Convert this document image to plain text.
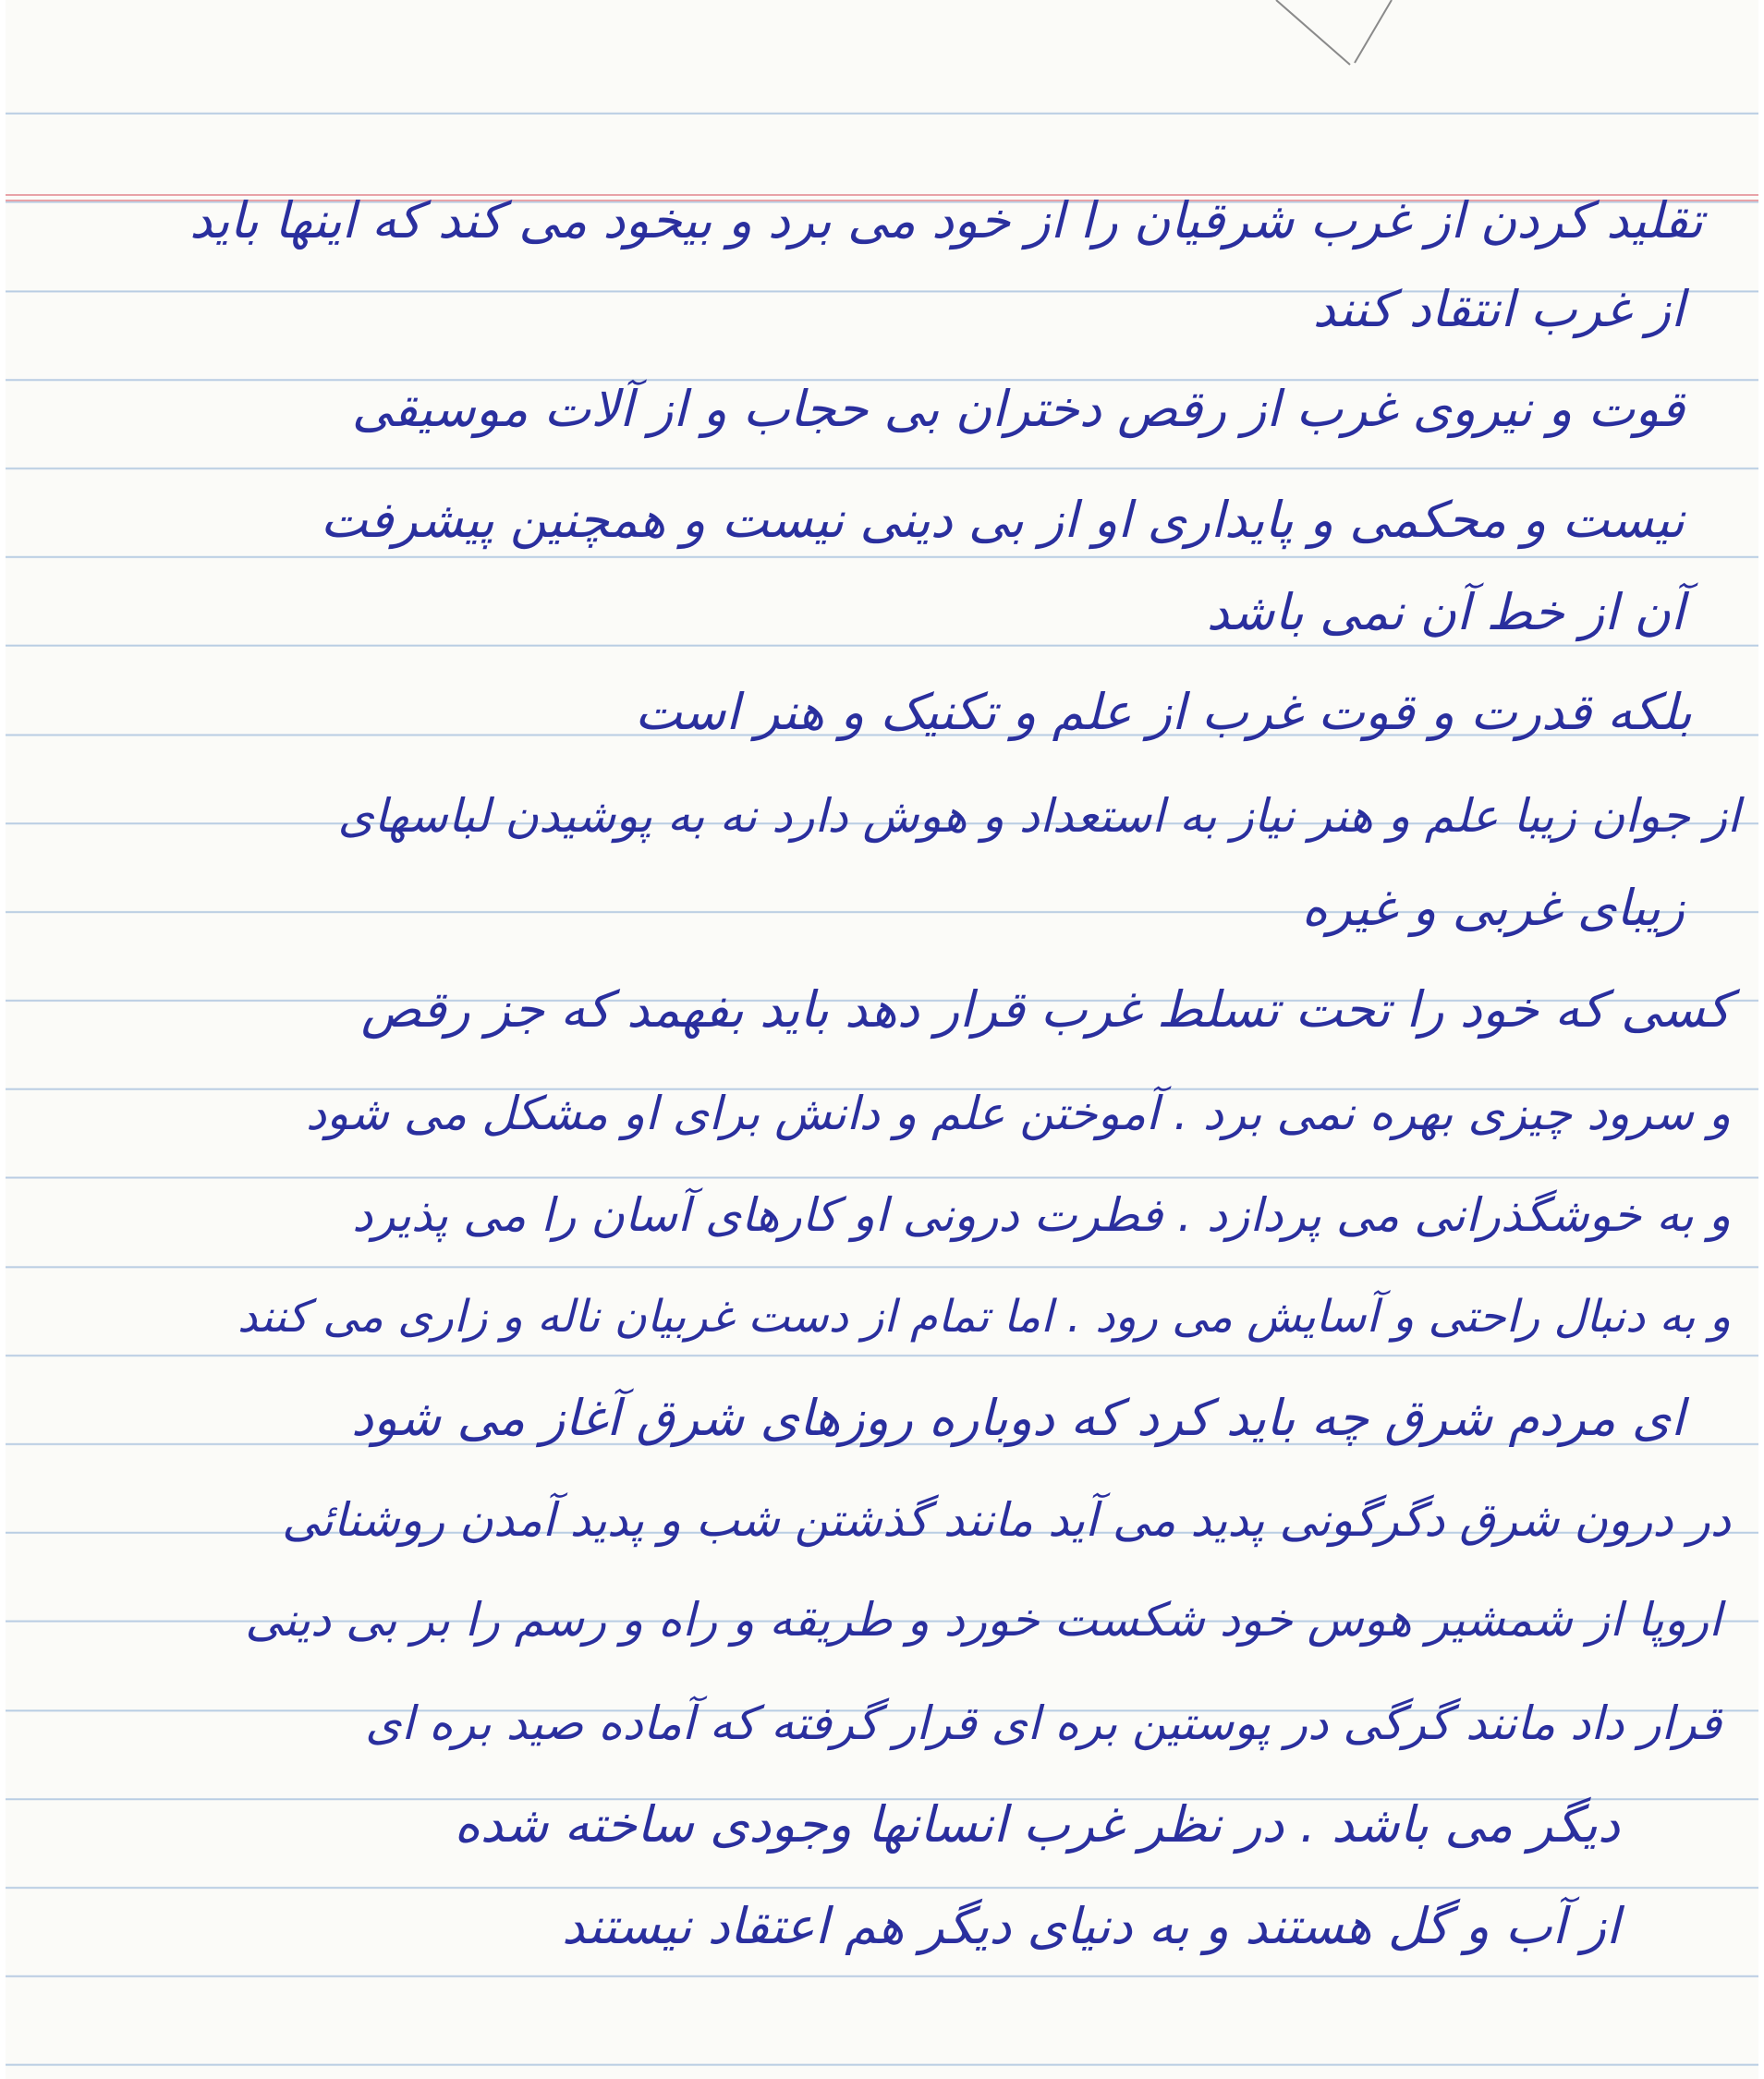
تقلید کردن از غرب شرقیان را از خود می برد و بیخود می کند که اینها باید
از غرب انتقاد کنند
قوت و نیروی غرب از رقص دختران بی حجاب و از آلات موسیقی
نیست و محکمی و پایداری او از بی دینی نیست و همچنین پیشرفت
آن از خط آن نمی باشد
بلکه قدرت و قوت غرب از علم و تکنیک و هنر است
از جوان زیبا علم و هنر نیاز به استعداد و هوش دارد نه به پوشیدن لباسهای
زیبای غربی و غیره
کسی که خود را تحت تسلط غرب قرار دهد باید بفهمد که جز رقص
و سرود چیزی بهره نمی برد . آموختن علم و دانش برای او مشکل می شود
و به خوشگذرانی می پردازد . فطرت درونی او کارهای آسان را می پذیرد
و به دنبال راحتی و آسایش می رود . اما تمام از دست غربیان ناله و زاری می کنند
ای مردم شرق چه باید کرد که دوباره روزهای شرق آغاز می شود
در درون شرق دگرگونی پدید می آید مانند گذشتن شب و پدید آمدن روشنائی
اروپا از شمشیر هوس خود شکست خورد و طریقه و راه و رسم را بر بی دینی
قرار داد مانند گرگی در پوستین بره ای قرار گرفته که آماده صید بره ای
دیگر می باشد . در نظر غرب انسانها وجودی ساخته شده
از آب و گل هستند و به دنیای دیگر هم اعتقاد نیستند
